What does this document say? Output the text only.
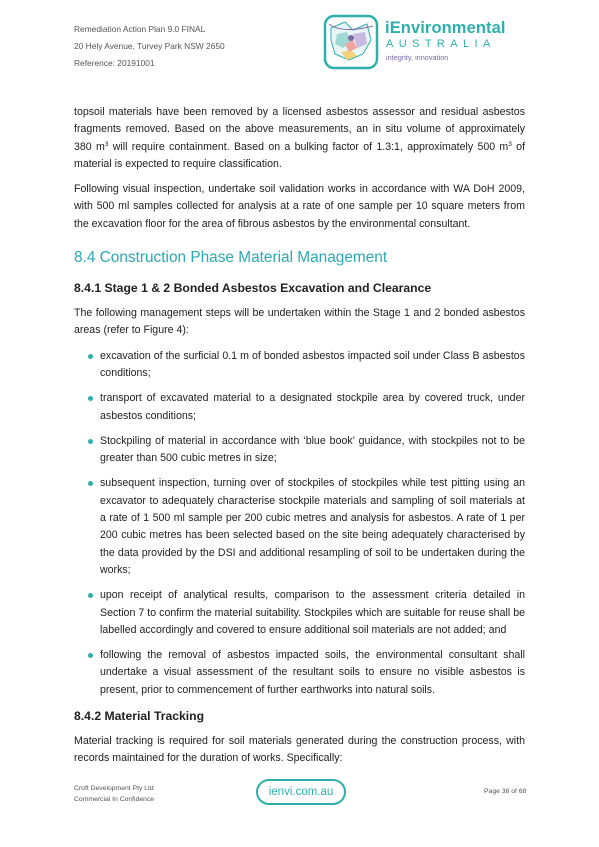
Remediation Action Plan 9.0 FINAL
20 Hely Avenue, Turvey Park NSW 2650
Reference: 20191001
iEnvironmental
AUSTRALIA
integrity, innovation

topsoil materials have been removed by a licensed asbestos assessor and residual asbestos fragments removed. Based on the above measurements, an in situ volume of approximately 380 $m^3$ will require containment. Based on a bulking factor of 1.3:1, approximately 500 $m^3$ of material is expected to require classification.

Following visual inspection, undertake soil validation works in accordance with WA DoH 2009, with 500 ml samples collected for analysis at a rate of one sample per 10 square meters from the excavation floor for the area of fibrous asbestos by the environmental consultant.

8.4 Construction Phase Material Management
8.4.1 Stage 1 & 2 Bonded Asbestos Excavation and Clearance

The following management steps will be undertaken within the Stage 1 and 2 bonded asbestos areas (refer to Figure 4):

excavation of the surficial 0.1 m of bonded asbestos impacted soil under Class B asbestos conditions;
transport of excavated material to a designated stockpile area by covered truck, under asbestos conditions;
Stockpiling of material in accordance with ‘blue book’ guidance, with stockpiles not to be greater than 500 cubic metres in size;
subsequent inspection, turning over of stockpiles of stockpiles while test pitting using an excavator to adequately characterise stockpile materials and sampling of soil materials at a rate of 1 500 ml sample per 200 cubic metres and analysis for asbestos. A rate of 1 per 200 cubic metres has been selected based on the site being adequately characterised by the data provided by the DSI and additional resampling of soil to be undertaken during the works;
upon receipt of analytical results, comparison to the assessment criteria detailed in Section 7 to confirm the material suitability. Stockpiles which are suitable for reuse shall be labelled accordingly and covered to ensure additional soil materials are not added; and
following the removal of asbestos impacted soils, the environmental consultant shall undertake a visual assessment of the resultant soils to ensure no visible asbestos is present, prior to commencement of further earthworks into natural soils.
8.4.2 Material Tracking

Material tracking is required for soil materials generated during the construction process, with records maintained for the duration of works. Specifically:

Croft Development Pty Ltd
Commercial In Confidence
ienvi.com.au	Page 38 of 68
